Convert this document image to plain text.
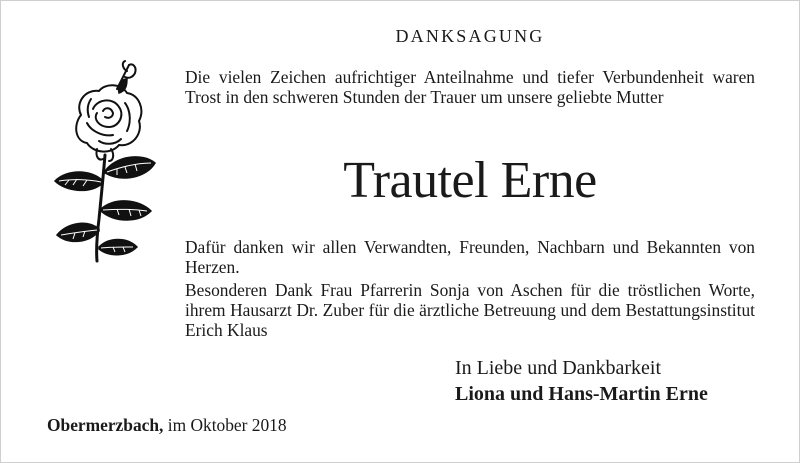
DANKSAGUNG
Die vielen Zeichen aufrichtiger Anteilnahme und tiefer Verbundenheit waren Trost in den schweren Stunden der Trauer um unsere geliebte Mutter
Trautel Erne
Dafür danken wir allen Verwandten, Freunden, Nachbarn und Bekannten von Herzen.
Besonderen Dank Frau Pfarrerin Sonja von Aschen für die tröstlichen Worte, ihrem Hausarzt Dr. Zuber für die ärztliche Betreuung und dem Bestattungsinstitut Erich Klaus
In Liebe und Dankbarkeit
Liona und Hans-Martin Erne
Obermerzbach, im Oktober 2018
